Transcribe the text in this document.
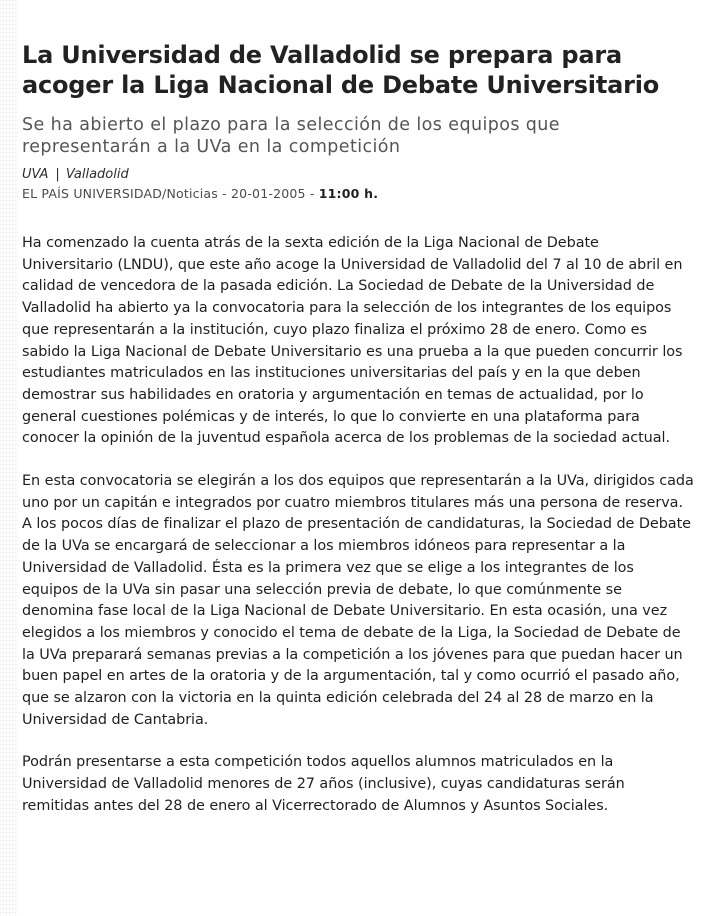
La Universidad de Valladolid se prepara para acoger la Liga Nacional de Debate Universitario
Se ha abierto el plazo para la selección de los equipos que representarán a la UVa en la competición
UVA | Valladolid
EL PAÍS UNIVERSIDAD/Noticias - 20-01-2005 - 11:00 h.

Ha comenzado la cuenta atrás de la sexta edición de la Liga Nacional de Debate Universitario (LNDU), que este año acoge la Universidad de Valladolid del 7 al 10 de abril en calidad de vencedora de la pasada edición. La Sociedad de Debate de la Universidad de Valladolid ha abierto ya la convocatoria para la selección de los integrantes de los equipos que representarán a la institución, cuyo plazo finaliza el próximo 28 de enero. Como es sabido la Liga Nacional de Debate Universitario es una prueba a la que pueden concurrir los estudiantes matriculados en las instituciones universitarias del país y en la que deben demostrar sus habilidades en oratoria y argumentación en temas de actualidad, por lo general cuestiones polémicas y de interés, lo que lo convierte en una plataforma para conocer la opinión de la juventud española acerca de los problemas de la sociedad actual.

En esta convocatoria se elegirán a los dos equipos que representarán a la UVa, dirigidos cada uno por un capitán e integrados por cuatro miembros titulares más una persona de reserva. A los pocos días de finalizar el plazo de presentación de candidaturas, la Sociedad de Debate de la UVa se encargará de seleccionar a los miembros idóneos para representar a la Universidad de Valladolid. Ésta es la primera vez que se elige a los integrantes de los equipos de la UVa sin pasar una selección previa de debate, lo que comúnmente se denomina fase local de la Liga Nacional de Debate Universitario. En esta ocasión, una vez elegidos a los miembros y conocido el tema de debate de la Liga, la Sociedad de Debate de la UVa preparará semanas previas a la competición a los jóvenes para que puedan hacer un buen papel en artes de la oratoria y de la argumentación, tal y como ocurrió el pasado año, que se alzaron con la victoria en la quinta edición celebrada del 24 al 28 de marzo en la Universidad de Cantabria.

Podrán presentarse a esta competición todos aquellos alumnos matriculados en la Universidad de Valladolid menores de 27 años (inclusive), cuyas candidaturas serán remitidas antes del 28 de enero al Vicerrectorado de Alumnos y Asuntos Sociales.
